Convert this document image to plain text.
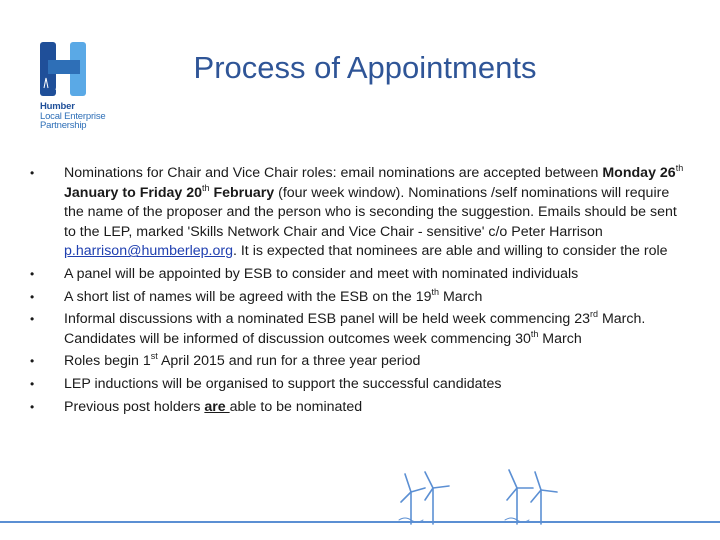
Humber
Local Enterprise
Partnership
Process of Appointments
• Nominations for Chair and Vice Chair roles: email nominations are accepted between Monday 26th January to Friday 20th February (four week window). Nominations /self nominations will require the name of the proposer and the person who is seconding the suggestion. Emails should be sent to the LEP, marked 'Skills Network Chair and Vice Chair - sensitive' c/o Peter Harrison p.harrison@humberlep.org. It is expected that nominees are able and willing to consider the role
• A panel will be appointed by ESB to consider and meet with nominated individuals
• A short list of names will be agreed with the ESB on the 19th March
• Informal discussions with a nominated ESB panel will be held week commencing 23rd March. Candidates will be informed of discussion outcomes week commencing 30th March
• Roles begin 1st April 2015 and run for a three year period
• LEP inductions will be organised to support the successful candidates
• Previous post holders are able to be nominated
